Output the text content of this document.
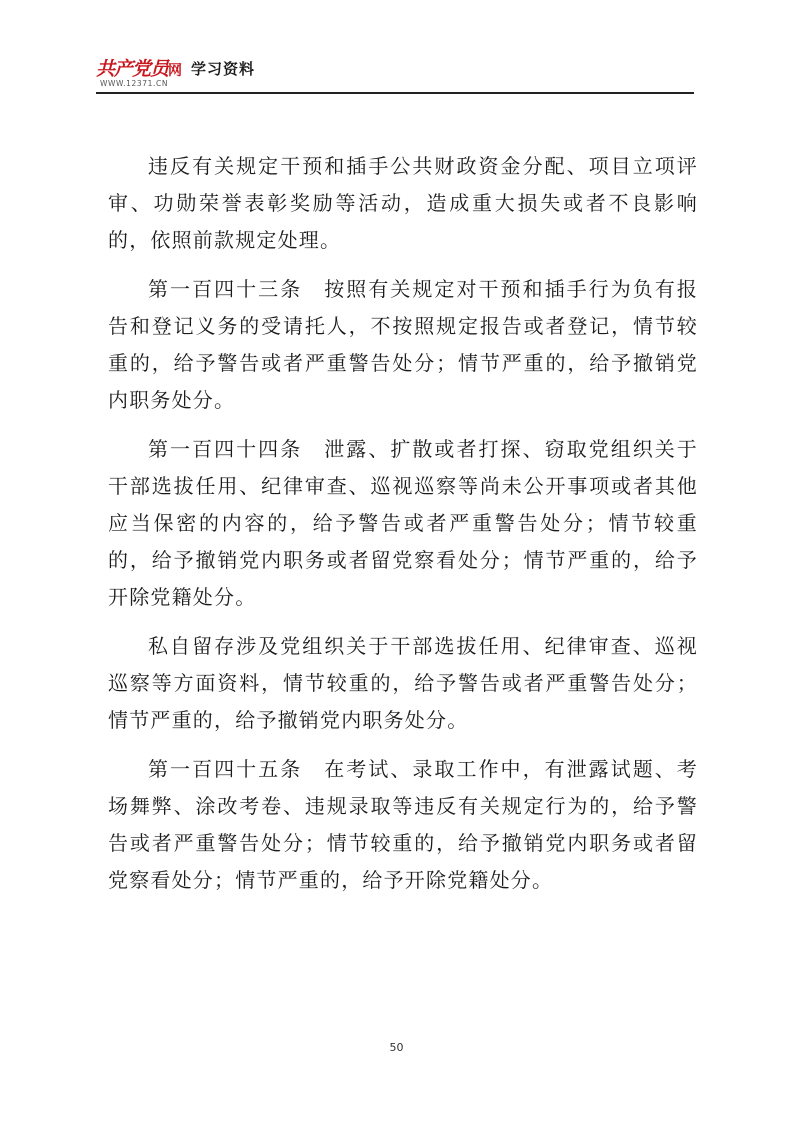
共产党员网
WWW.12371.CN
学习资料

违反有关规定干预和插手公共财政资金分配、项目立项评审、功勋荣誉表彰奖励等活动，造成重大损失或者不良影响的，依照前款规定处理。

第一百四十三条　按照有关规定对干预和插手行为负有报告和登记义务的受请托人，不按照规定报告或者登记，情节较重的，给予警告或者严重警告处分；情节严重的，给予撤销党内职务处分。

第一百四十四条　泄露、扩散或者打探、窃取党组织关于干部选拔任用、纪律审查、巡视巡察等尚未公开事项或者其他应当保密的内容的，给予警告或者严重警告处分；情节较重的，给予撤销党内职务或者留党察看处分；情节严重的，给予开除党籍处分。

私自留存涉及党组织关于干部选拔任用、纪律审查、巡视巡察等方面资料，情节较重的，给予警告或者严重警告处分；情节严重的，给予撤销党内职务处分。

第一百四十五条　在考试、录取工作中，有泄露试题、考场舞弊、涂改考卷、违规录取等违反有关规定行为的，给予警告或者严重警告处分；情节较重的，给予撤销党内职务或者留党察看处分；情节严重的，给予开除党籍处分。

50
